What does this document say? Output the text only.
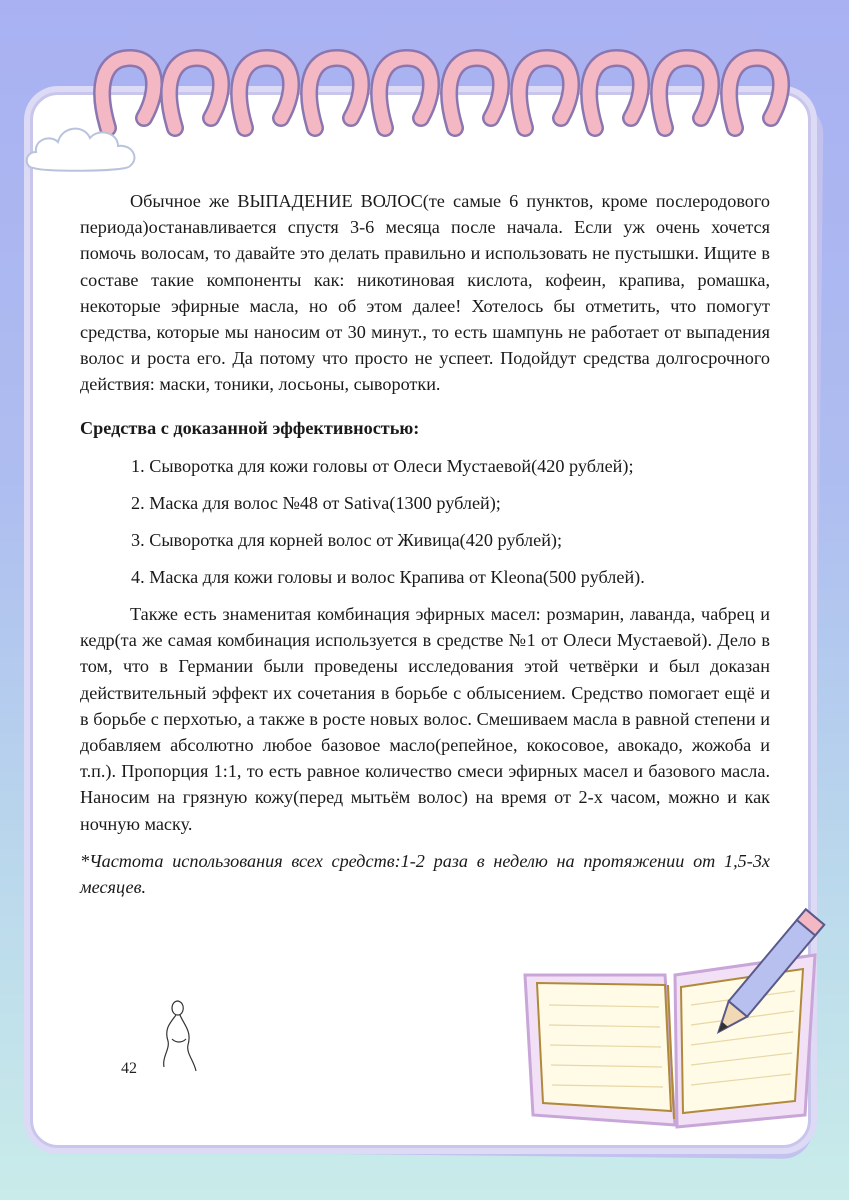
Обычное же ВЫПАДЕНИЕ ВОЛОС(те самые 6 пунктов, кроме послеродового периода)останавливается спустя 3-6 месяца после начала. Если уж очень хочется помочь волосам, то давайте это делать правильно и использовать не пустышки. Ищите в составе такие компоненты как: никотиновая кислота, кофеин, крапива, ромашка, некоторые эфирные масла, но об этом далее! Хотелось бы отметить, что помогут средства, которые мы наносим от 30 минут., то есть шампунь не работает от выпадения волос и роста его. Да потому что просто не успеет. Подойдут средства долгосрочного действия: маски, тоники, лосьоны, сыворотки.

Средства с доказанной эффективностью:

1. Сыворотка для кожи головы от Олеси Мустаевой(420 рублей);
2. Маска для волос №48 от Sativa(1300 рублей);
3. Сыворотка для корней волос от Живица(420 рублей);
4. Маска для кожи головы и волос Крапива от Kleona(500 рублей).

Также есть знаменитая комбинация эфирных масел: розмарин, лаванда, чабрец и кедр(та же самая комбинация используется в средстве №1 от Олеси Мустаевой). Дело в том, что в Германии были проведены исследования этой четвёрки и был доказан действительный эффект их сочетания в борьбе с облысением. Средство помогает ещё и в борьбе с перхотью, а также в росте новых волос. Смешиваем масла в равной степени и добавляем абсолютно любое базовое масло(репейное, кокосовое, авокадо, жожоба и т.п.). Пропорция 1:1, то есть равное количество смеси эфирных масел и базового масла. Наносим на грязную кожу(перед мытьём волос) на время от 2-х часом, можно и как ночную маску.

*Частота использования всех средств:1-2 раза в неделю на протяжении от 1,5-3х месяцев.

42
